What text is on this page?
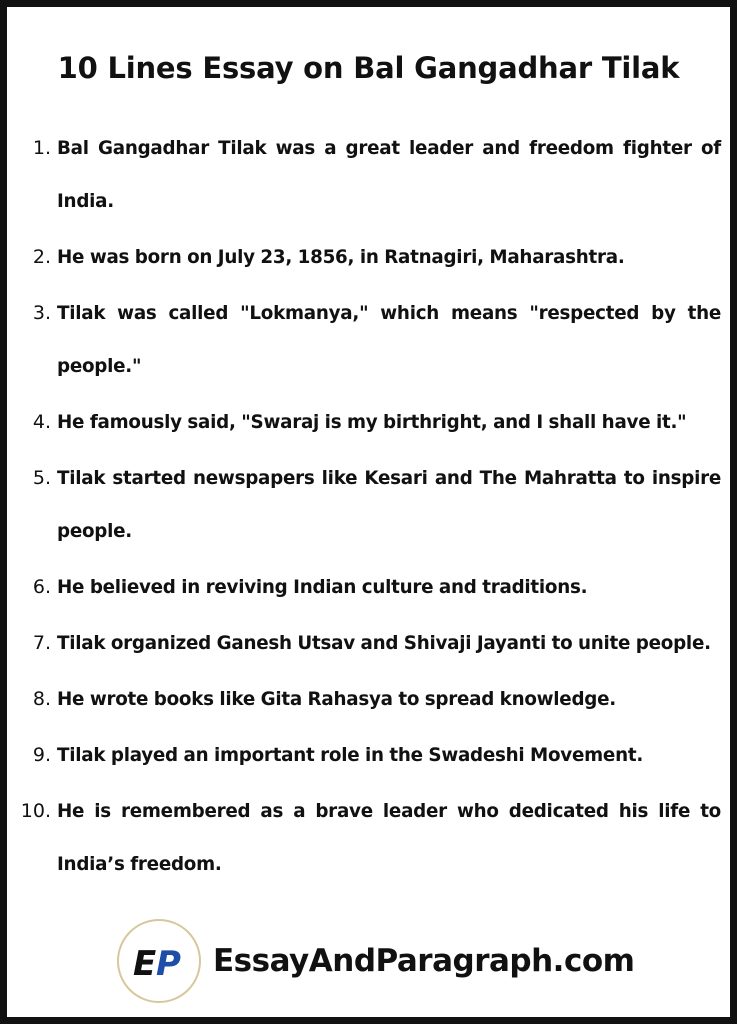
10 Lines Essay on Bal Gangadhar Tilak
1. Bal Gangadhar Tilak was a great leader and freedom fighter of India.
2. He was born on July 23, 1856, in Ratnagiri, Maharashtra.
3. Tilak was called "Lokmanya," which means "respected by the people."
4. He famously said, "Swaraj is my birthright, and I shall have it."
5. Tilak started newspapers like Kesari and The Mahratta to inspire people.
6. He believed in reviving Indian culture and traditions.
7. Tilak organized Ganesh Utsav and Shivaji Jayanti to unite people.
8. He wrote books like Gita Rahasya to spread knowledge.
9. Tilak played an important role in the Swadeshi Movement.
10. He is remembered as a brave leader who dedicated his life to India’s freedom.
E P EssayAndParagraph.com
